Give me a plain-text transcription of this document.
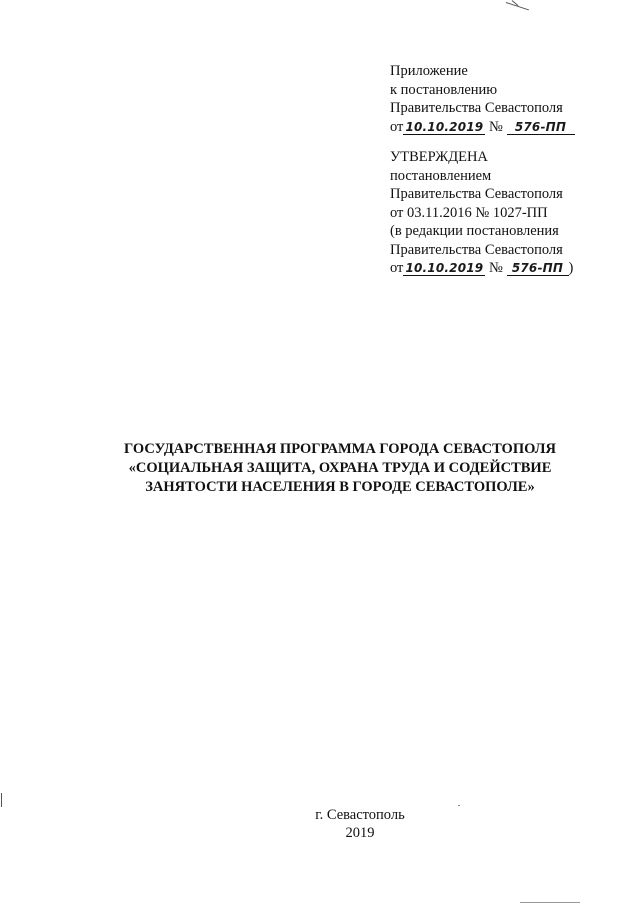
Приложение
к постановлению
Правительства Севастополя
от 10.10.2019 № 576-ПП
УТВЕРЖДЕНА
постановлением
Правительства Севастополя
от 03.11.2016 № 1027-ПП
(в редакции постановления
Правительства Севастополя
от 10.10.2019 № 576-ПП )
ГОСУДАРСТВЕННАЯ ПРОГРАММА ГОРОДА СЕВАСТОПОЛЯ
«СОЦИАЛЬНАЯ ЗАЩИТА, ОХРАНА ТРУДА И СОДЕЙСТВИЕ
ЗАНЯТОСТИ НАСЕЛЕНИЯ В ГОРОДЕ СЕВАСТОПОЛЕ»
г. Севастополь
2019
